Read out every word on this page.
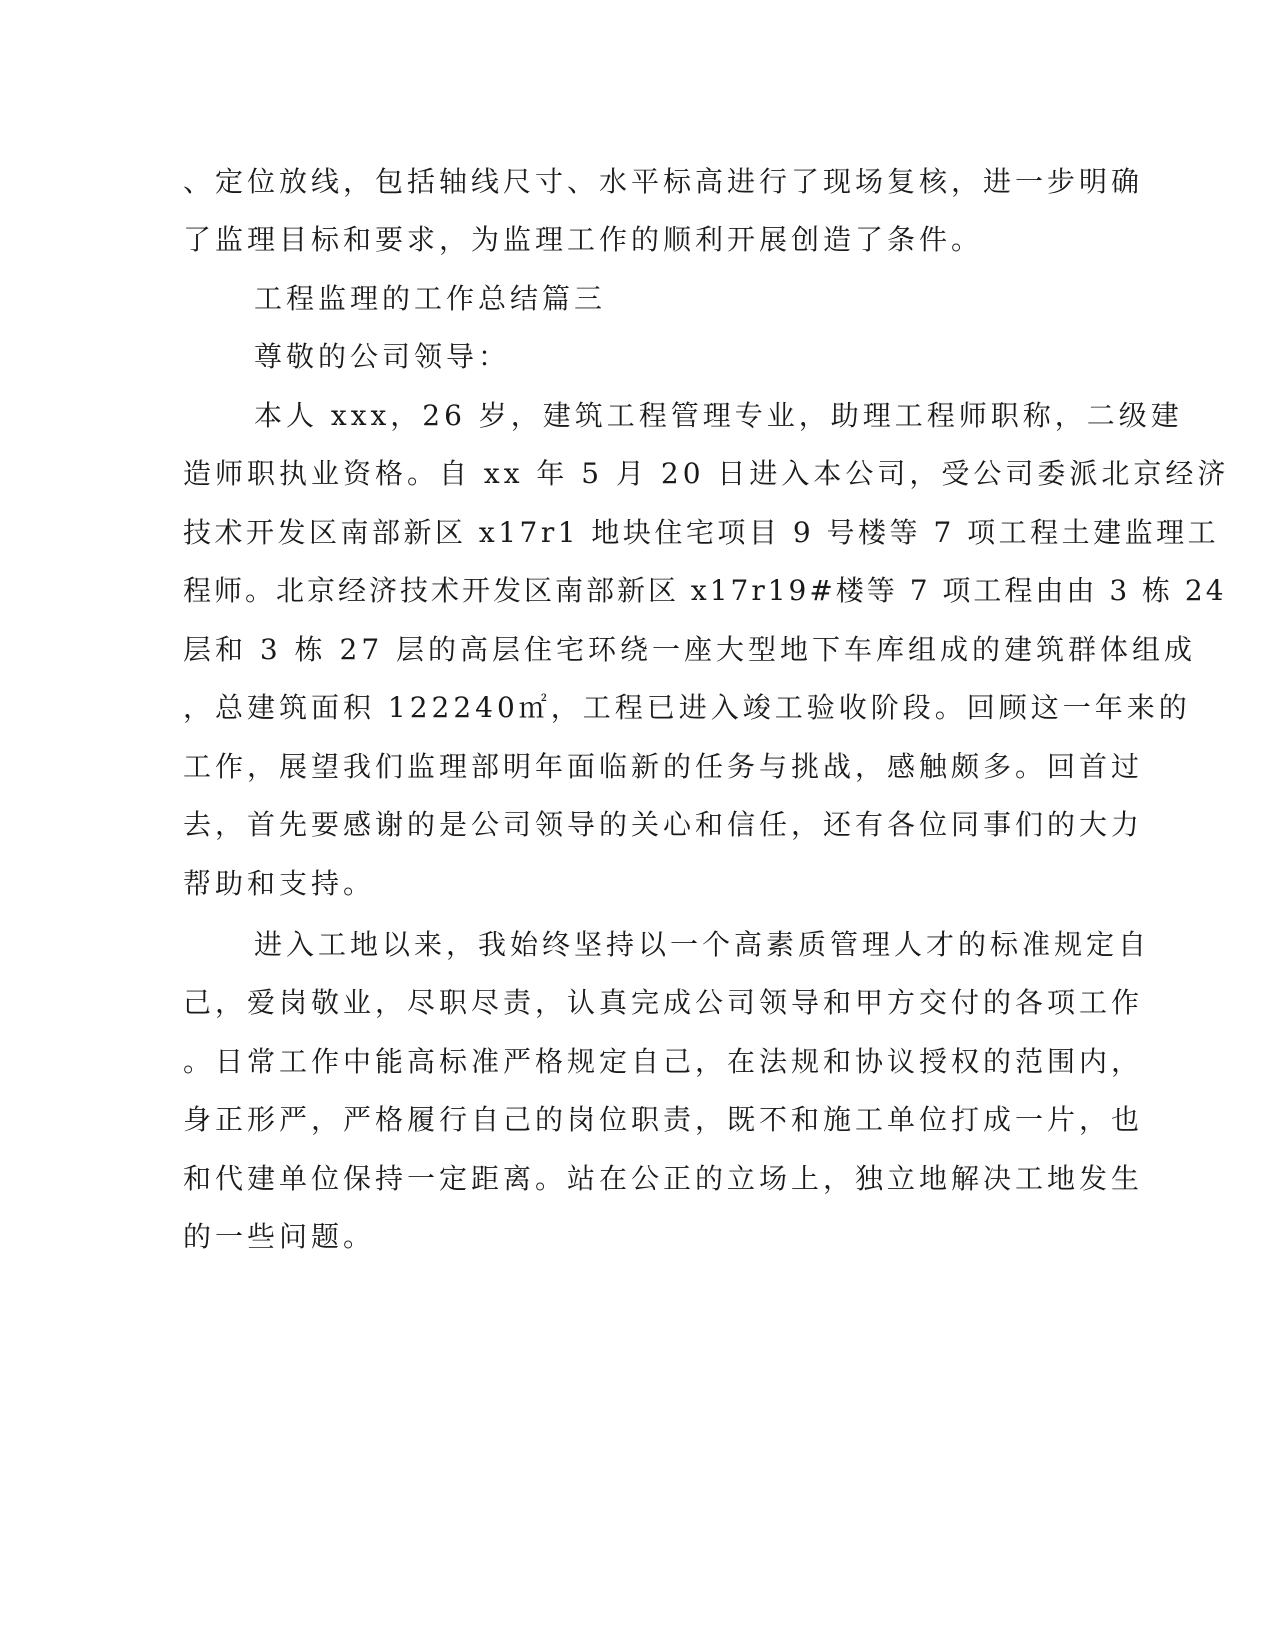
、定位放线，包括轴线尺寸、水平标高进行了现场复核，进一步明确
了监理目标和要求，为监理工作的顺利开展创造了条件。
工程监理的工作总结篇三
尊敬的公司领导：
本人 xxx，26 岁，建筑工程管理专业，助理工程师职称，二级建
造师职执业资格。自 xx 年 5 月 20 日进入本公司，受公司委派北京经济
技术开发区南部新区 x17r1 地块住宅项目 9 号楼等 7 项工程土建监理工
程师。北京经济技术开发区南部新区 x17r19#楼等 7 项工程由由 3 栋 24
层和 3 栋 27 层的高层住宅环绕一座大型地下车库组成的建筑群体组成
，总建筑面积 122240㎡，工程已进入竣工验收阶段。回顾这一年来的
工作，展望我们监理部明年面临新的任务与挑战，感触颇多。回首过
去，首先要感谢的是公司领导的关心和信任，还有各位同事们的大力
帮助和支持。
进入工地以来，我始终坚持以一个高素质管理人才的标准规定自
己，爱岗敬业，尽职尽责，认真完成公司领导和甲方交付的各项工作
。日常工作中能高标准严格规定自己，在法规和协议授权的范围内，
身正形严，严格履行自己的岗位职责，既不和施工单位打成一片，也
和代建单位保持一定距离。站在公正的立场上，独立地解决工地发生
的一些问题。
